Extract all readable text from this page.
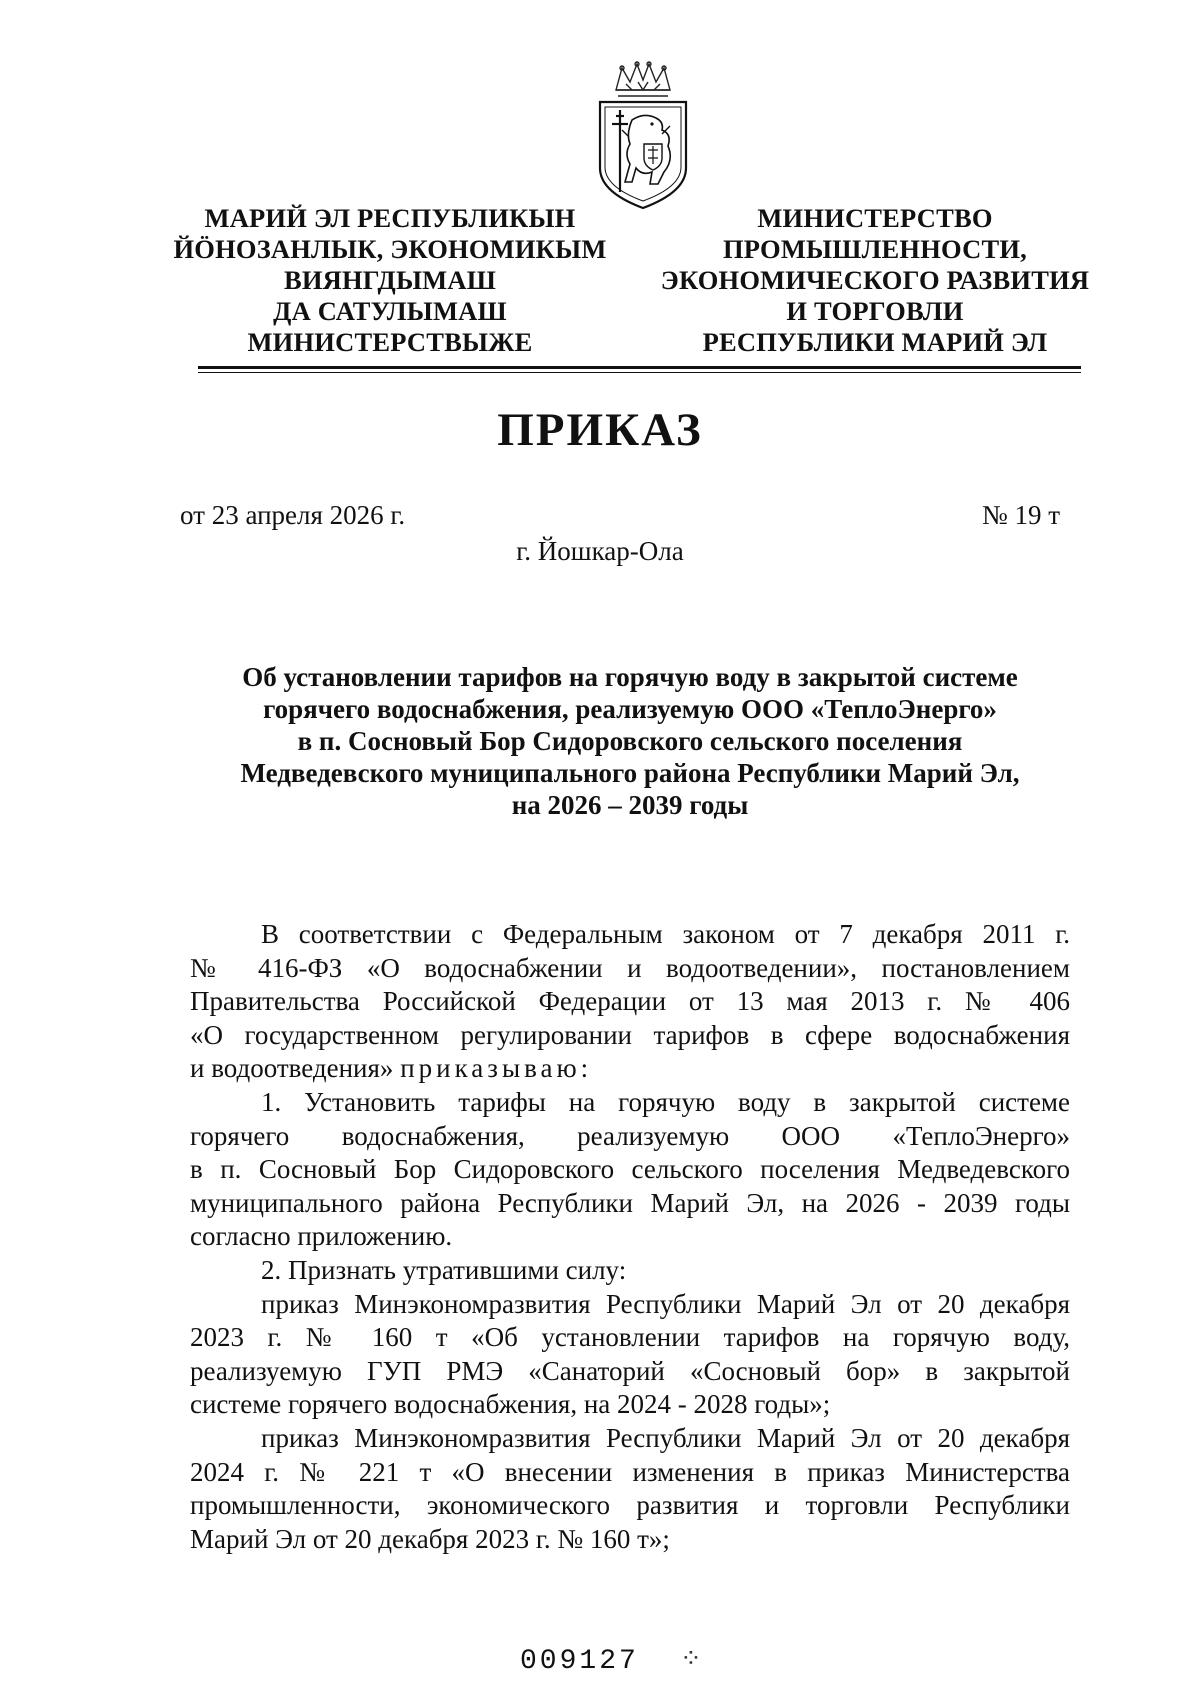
МАРИЙ ЭЛ РЕСПУБЛИКЫН
ЙӦНОЗАНЛЫК, ЭКОНОМИКЫМ
ВИЯНГДЫМАШ
ДА САТУЛЫМАШ
МИНИСТЕРСТВЫЖЕ
МИНИСТЕРСТВО
ПРОМЫШЛЕННОСТИ,
ЭКОНОМИЧЕСКОГО РАЗВИТИЯ
И ТОРГОВЛИ
РЕСПУБЛИКИ МАРИЙ ЭЛ
ПРИКАЗ
от 23 апреля 2026 г.	№ 19 т
г. Йошкар-Ола
Об установлении тарифов на горячую воду в закрытой системе
горячего водоснабжения, реализуемую ООО «ТеплоЭнерго»
в п. Сосновый Бор Сидоровского сельского поселения
Медведевского муниципального района Республики Марий Эл,
на 2026 – 2039 годы
В соответствии с Федеральным законом от 7 декабря 2011 г.
№ 416-ФЗ «О водоснабжении и водоотведении», постановлением
Правительства Российской Федерации от 13 мая 2013 г. № 406
«О государственном регулировании тарифов в сфере водоснабжения
и водоотведения» приказываю:
1. Установить тарифы на горячую воду в закрытой системе
горячего водоснабжения, реализуемую ООО «ТеплоЭнерго»
в п. Сосновый Бор Сидоровского сельского поселения Медведевского
муниципального района Республики Марий Эл, на 2026 - 2039 годы
согласно приложению.
2. Признать утратившими силу:
приказ Минэкономразвития Республики Марий Эл от 20 декабря
2023 г. № 160 т «Об установлении тарифов на горячую воду,
реализуемую ГУП РМЭ «Санаторий «Сосновый бор» в закрытой
системе горячего водоснабжения, на 2024 - 2028 годы»;
приказ Минэкономразвития Республики Марий Эл от 20 декабря
2024 г. № 221 т «О внесении изменения в приказ Министерства
промышленности, экономического развития и торговли Республики
Марий Эл от 20 декабря 2023 г. № 160 т»;
009127 ⁘
